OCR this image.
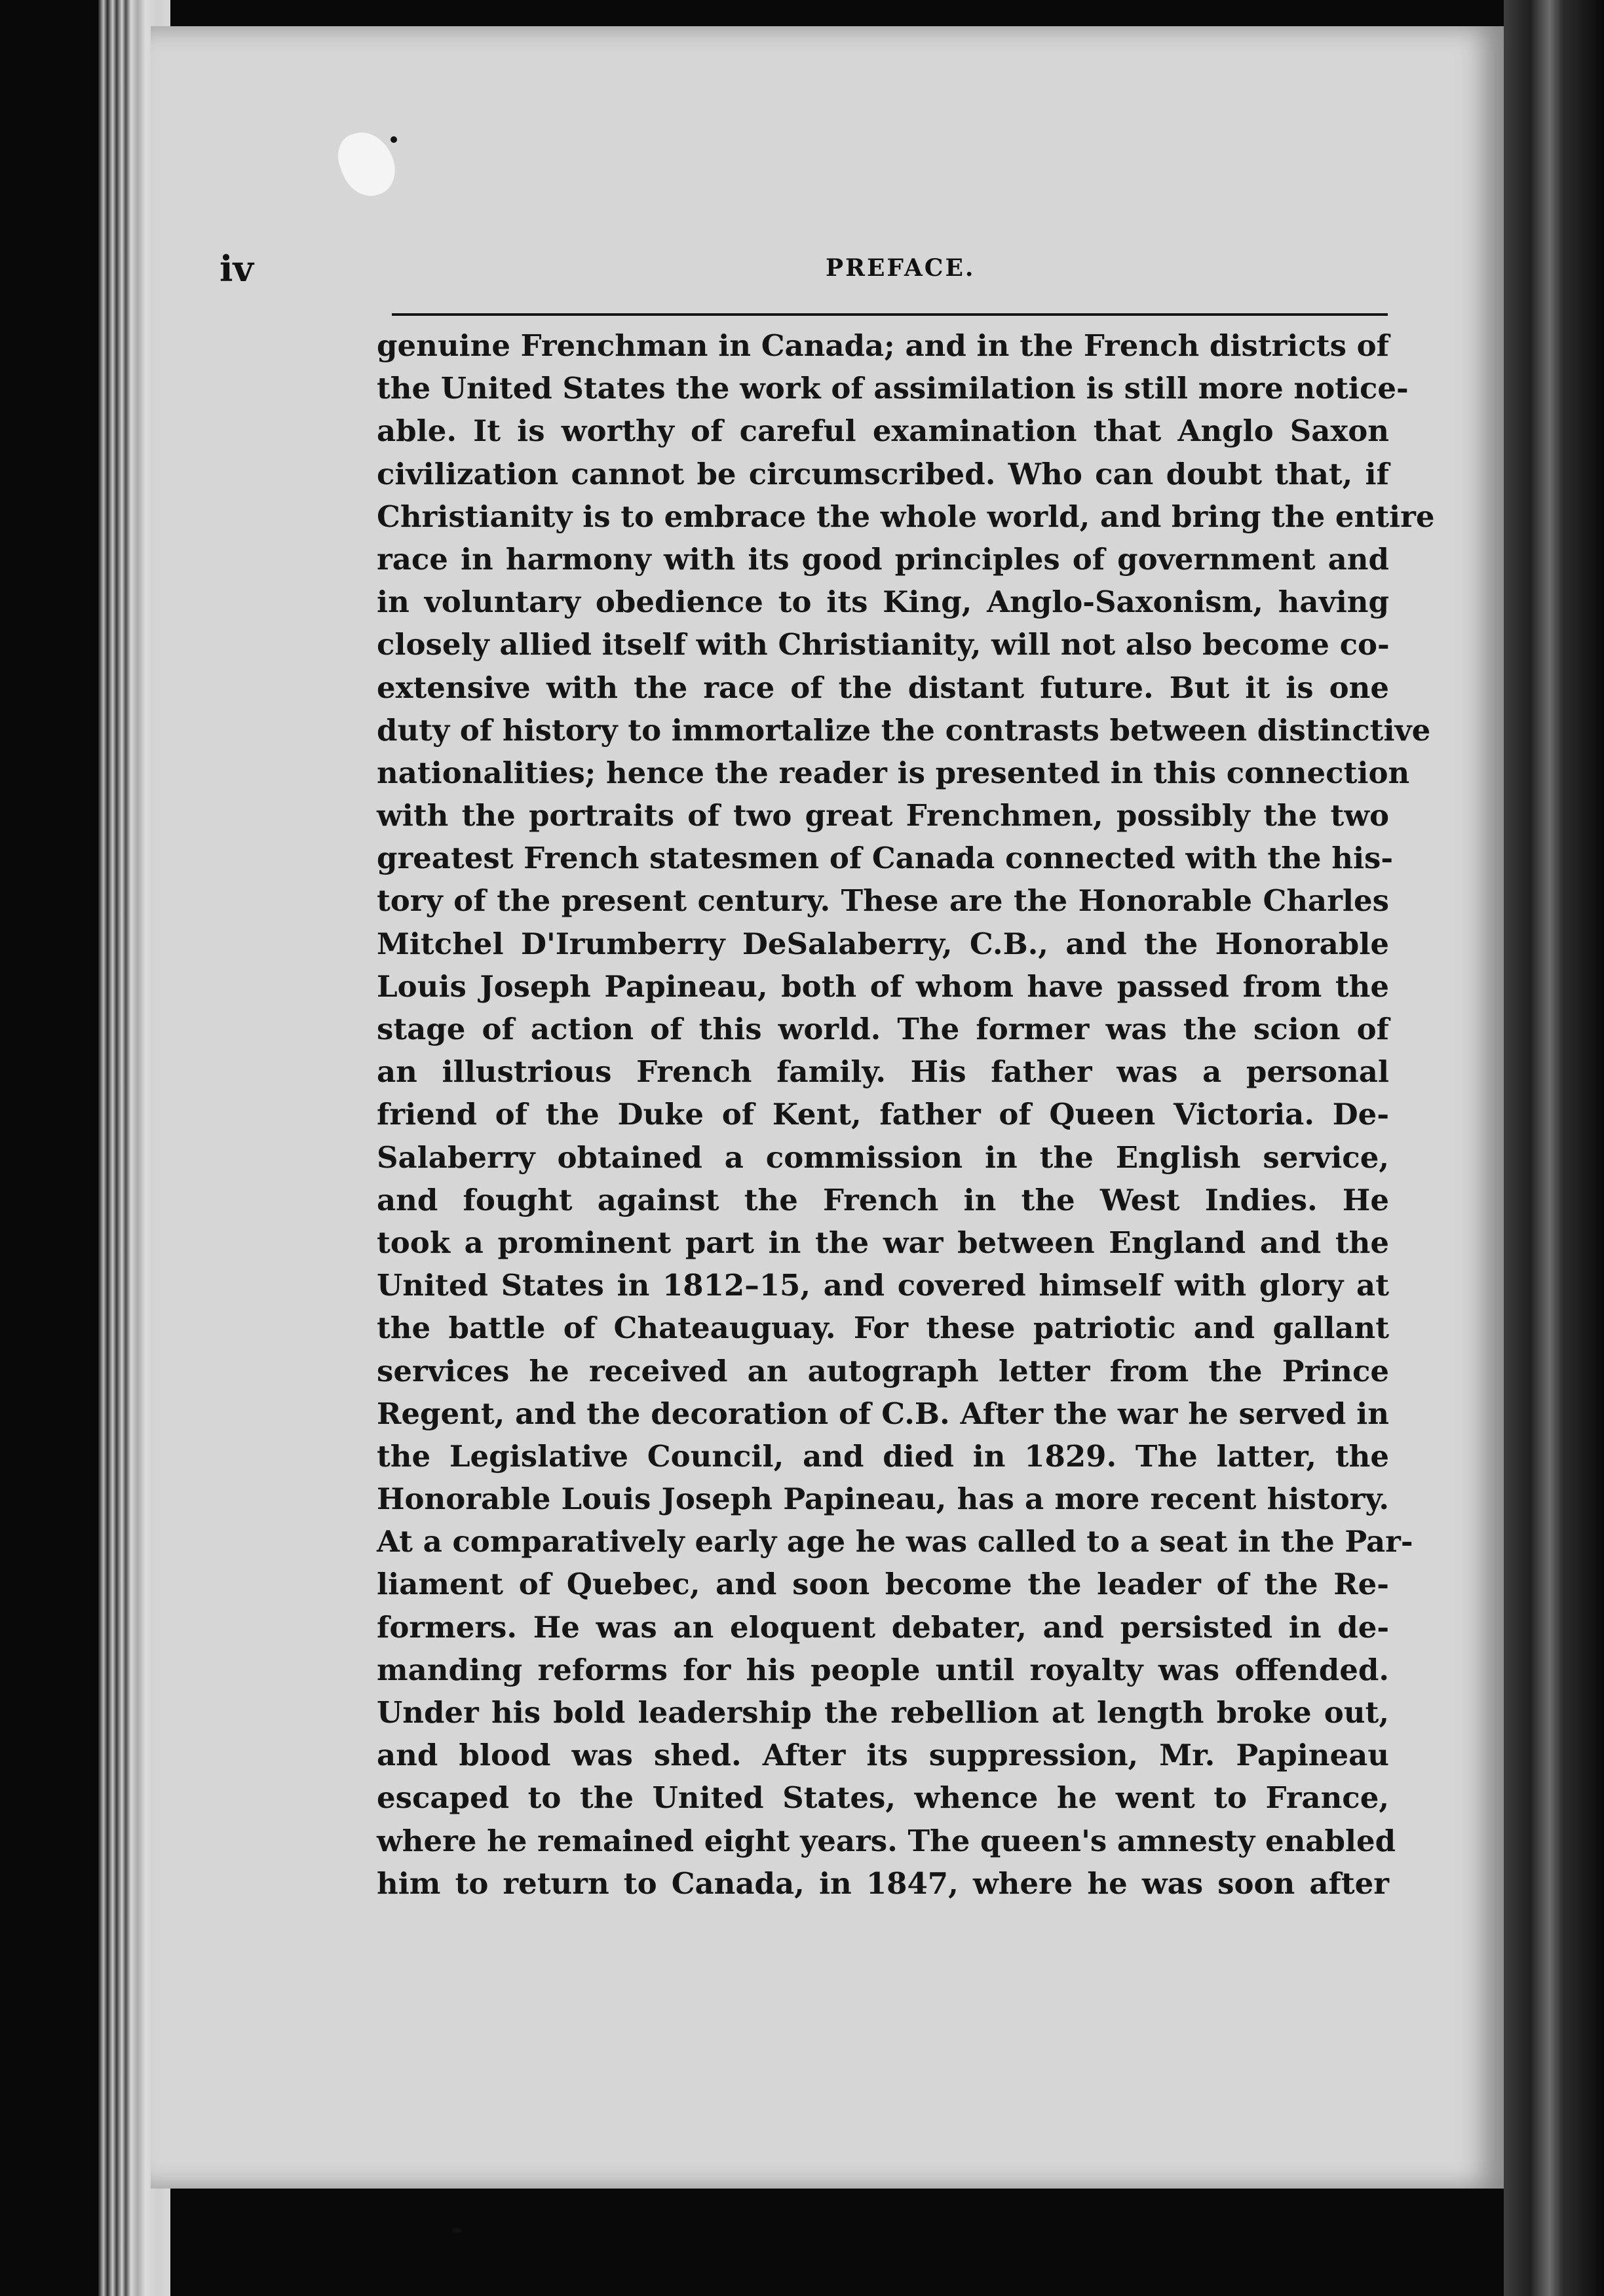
iv	PREFACE.
genuine Frenchman in Canada; and in the French districts of
the United States the work of assimilation is still more notice-
able. It is worthy of careful examination that Anglo Saxon
civilization cannot be circumscribed. Who can doubt that, if
Christianity is to embrace the whole world, and bring the entire
race in harmony with its good principles of government and
in voluntary obedience to its King, Anglo-Saxonism, having
closely allied itself with Christianity, will not also become co-
extensive with the race of the distant future. But it is one
duty of history to immortalize the contrasts between distinctive
nationalities; hence the reader is presented in this connection
with the portraits of two great Frenchmen, possibly the two
greatest French statesmen of Canada connected with the his-
tory of the present century. These are the Honorable Charles
Mitchel D'Irumberry DeSalaberry, C.B., and the Honorable
Louis Joseph Papineau, both of whom have passed from the
stage of action of this world. The former was the scion of
an illustrious French family. His father was a personal
friend of the Duke of Kent, father of Queen Victoria. De-
Salaberry obtained a commission in the English service,
and fought against the French in the West Indies. He
took a prominent part in the war between England and the
United States in 1812–15, and covered himself with glory at
the battle of Chateauguay. For these patriotic and gallant
services he received an autograph letter from the Prince
Regent, and the decoration of C.B. After the war he served in
the Legislative Council, and died in 1829. The latter, the
Honorable Louis Joseph Papineau, has a more recent history.
At a comparatively early age he was called to a seat in the Par-
liament of Quebec, and soon become the leader of the Re-
formers. He was an eloquent debater, and persisted in de-
manding reforms for his people until royalty was offended.
Under his bold leadership the rebellion at length broke out,
and blood was shed. After its suppression, Mr. Papineau
escaped to the United States, whence he went to France,
where he remained eight years. The queen's amnesty enabled
him to return to Canada, in 1847, where he was soon after
